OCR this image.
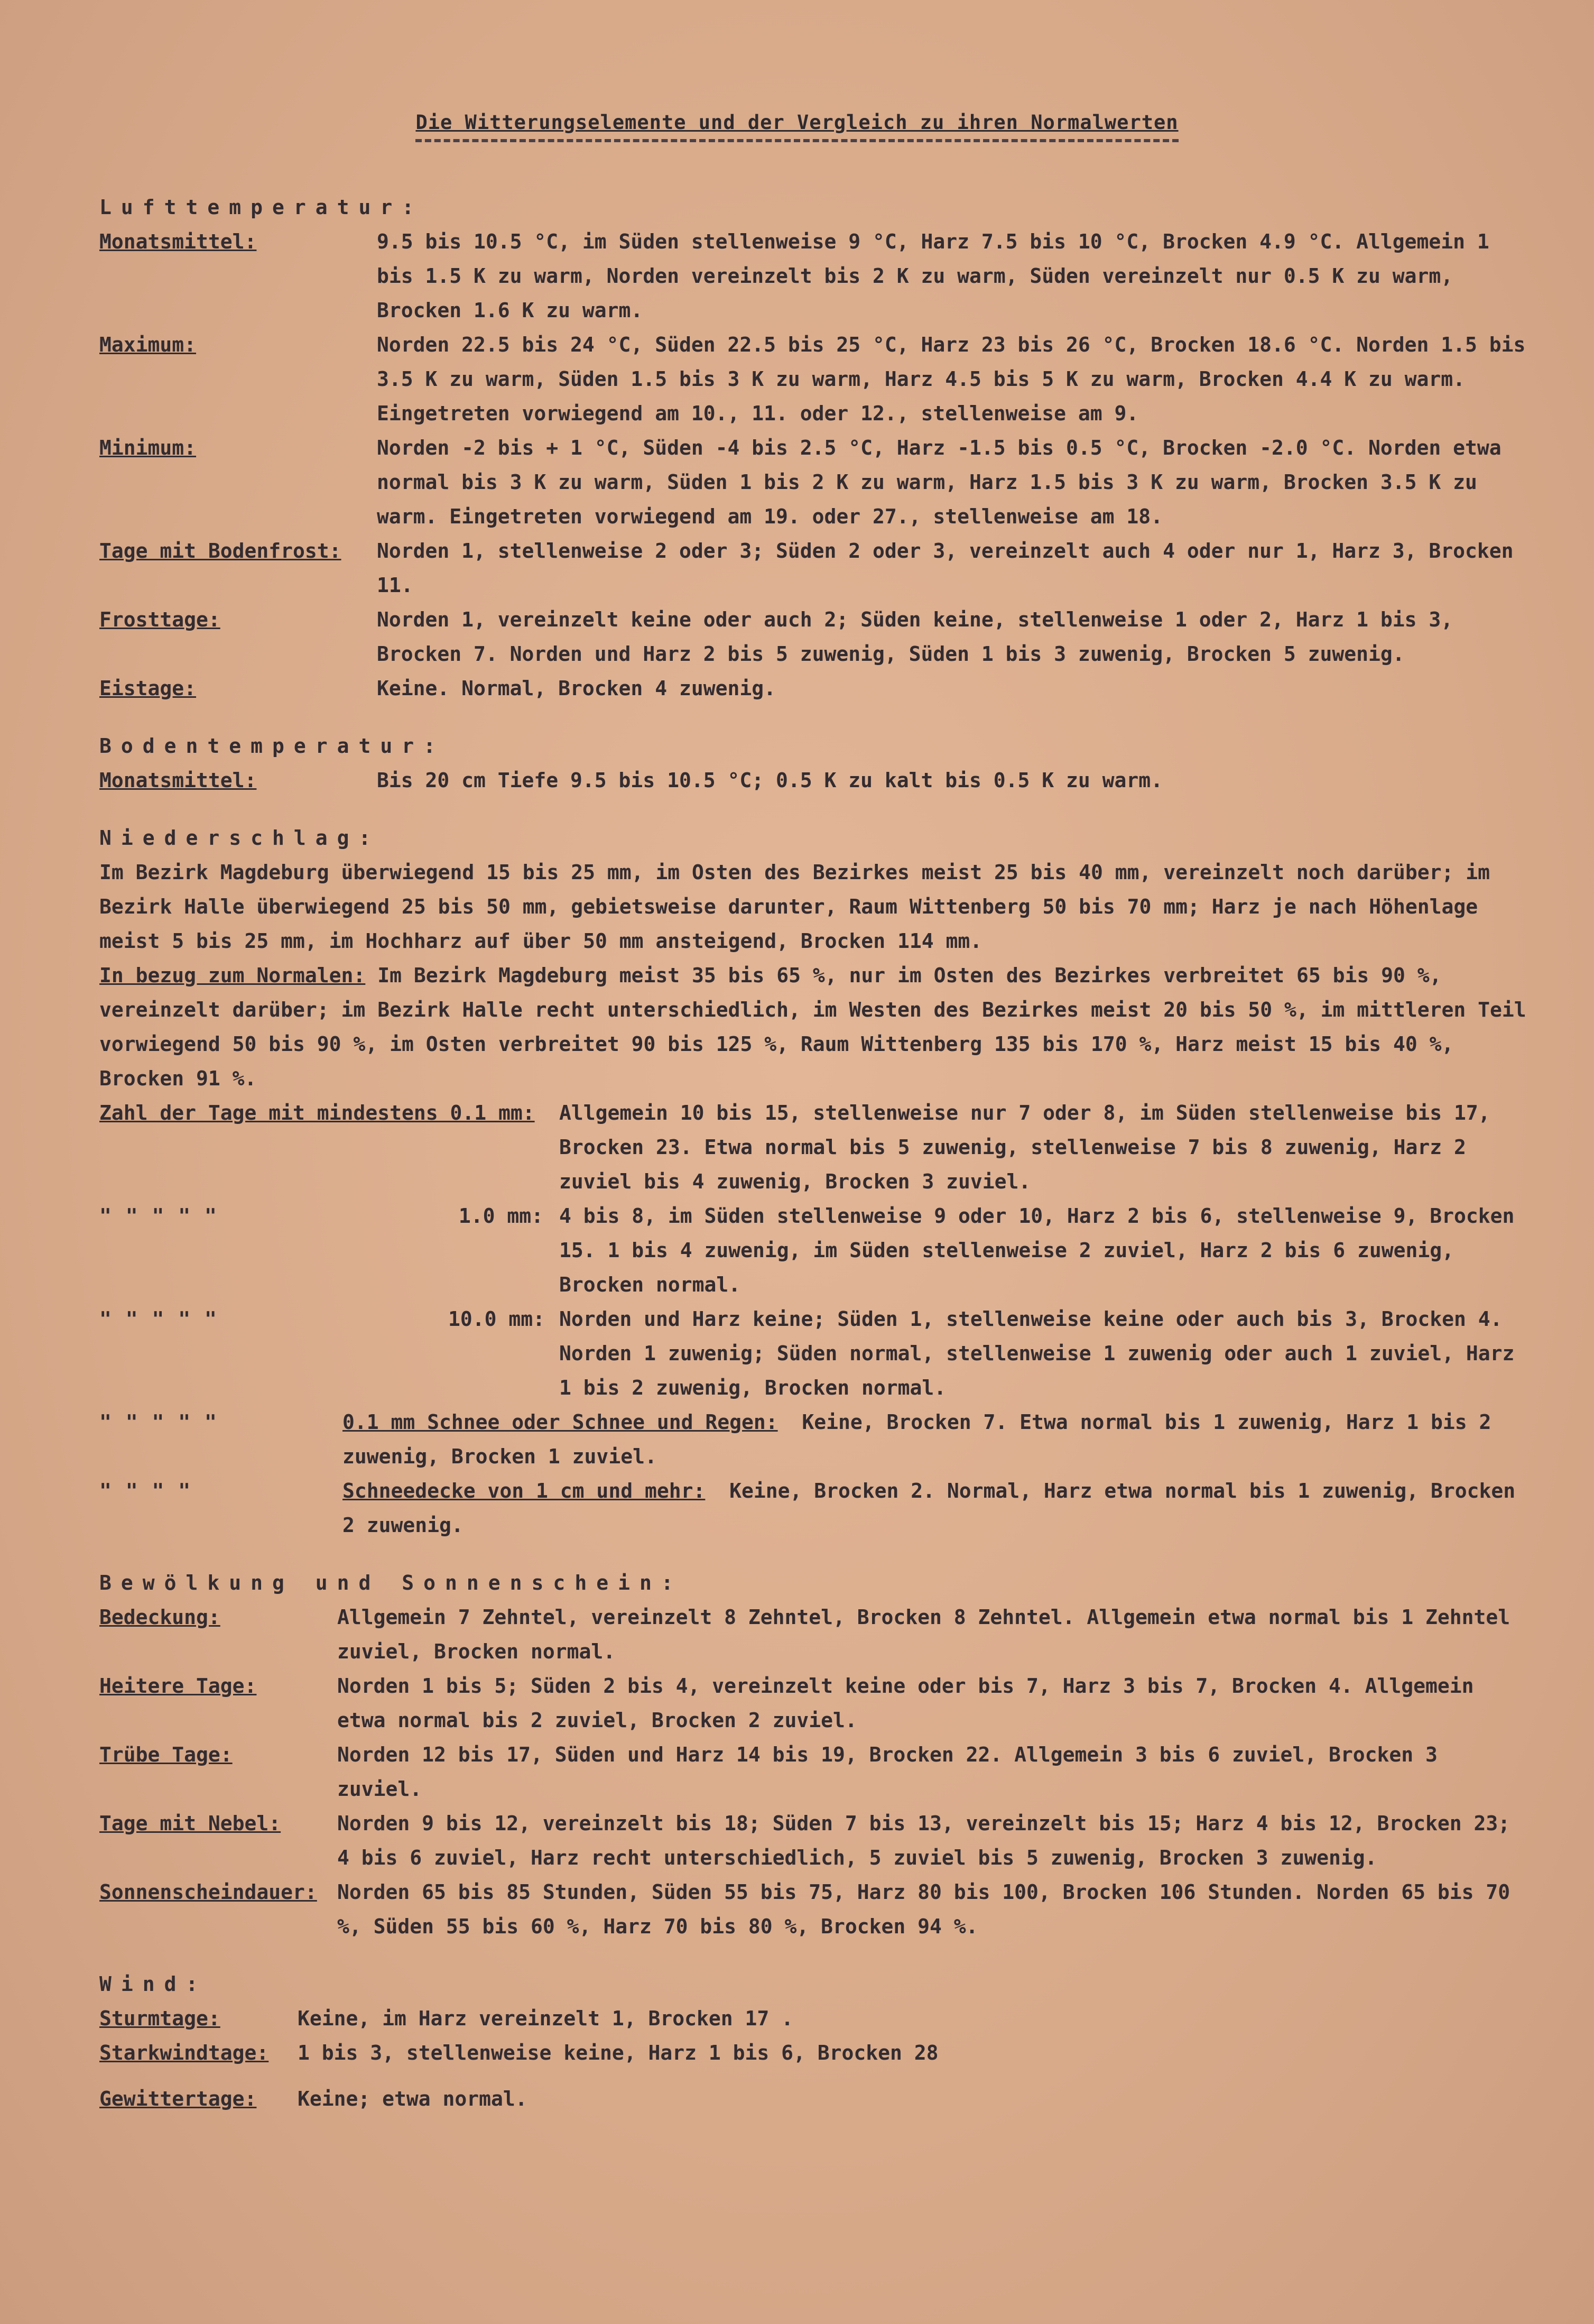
Die Witterungselemente und der Vergleich zu ihren Normalwerten
Lufttemperatur:
Monatsmittel:	9.5 bis 10.5 °C, im Süden stellenweise 9 °C, Harz 7.5 bis 10 °C, Brocken 4.9 °C. Allgemein 1 bis 1.5 K zu warm, Norden vereinzelt bis 2 K zu warm, Süden vereinzelt nur 0.5 K zu warm, Brocken 1.6 K zu warm.
Maximum:	Norden 22.5 bis 24 °C, Süden 22.5 bis 25 °C, Harz 23 bis 26 °C, Brocken 18.6 °C. Norden 1.5 bis 3.5 K zu warm, Süden 1.5 bis 3 K zu warm, Harz 4.5 bis 5 K zu warm, Brocken 4.4 K zu warm. Eingetreten vorwiegend am 10., 11. oder 12., stellenweise am 9.
Minimum:	Norden -2 bis + 1 °C, Süden -4 bis 2.5 °C, Harz -1.5 bis 0.5 °C, Brocken -2.0 °C. Norden etwa normal bis 3 K zu warm, Süden 1 bis 2 K zu warm, Harz 1.5 bis 3 K zu warm, Brocken 3.5 K zu warm. Eingetreten vorwiegend am 19. oder 27., stellenweise am 18.
Tage mit Bodenfrost:	Norden 1, stellenweise 2 oder 3; Süden 2 oder 3, vereinzelt auch 4 oder nur 1, Harz 3, Brocken 11.
Frosttage:	Norden 1, vereinzelt keine oder auch 2; Süden keine, stellenweise 1 oder 2, Harz 1 bis 3, Brocken 7. Norden und Harz 2 bis 5 zuwenig, Süden 1 bis 3 zuwenig, Brocken 5 zuwenig.
Eistage:	Keine. Normal, Brocken 4 zuwenig.
Bodentemperatur:
Monatsmittel:	Bis 20 cm Tiefe 9.5 bis 10.5 °C; 0.5 K zu kalt bis 0.5 K zu warm.
Niederschlag:

Im Bezirk Magdeburg überwiegend 15 bis 25 mm, im Osten des Bezirkes meist 25 bis 40 mm, vereinzelt noch darüber; im Bezirk Halle überwiegend 25 bis 50 mm, gebietsweise darunter, Raum Wittenberg 50 bis 70 mm; Harz je nach Höhenlage meist 5 bis 25 mm, im Hochharz auf über 50 mm ansteigend, Brocken 114 mm.

In bezug zum Normalen: Im Bezirk Magdeburg meist 35 bis 65 %, nur im Osten des Bezirkes verbreitet 65 bis 90 %, vereinzelt darüber; im Bezirk Halle recht unterschiedlich, im Westen des Bezirkes meist 20 bis 50 %, im mittleren Teil vorwiegend 50 bis 90 %, im Osten verbreitet 90 bis 125 %, Raum Wittenberg 135 bis 170 %, Harz meist 15 bis 40 %, Brocken 91 %.

Zahl der Tage mit mindestens 0.1 mm:	Allgemein 10 bis 15, stellenweise nur 7 oder 8, im Süden stellenweise bis 17, Brocken 23. Etwa normal bis 5 zuwenig, stellenweise 7 bis 8 zuwenig, Harz 2 zuviel bis 4 zuwenig, Brocken 3 zuviel.
" " " " "	1.0 mm: 4 bis 8, im Süden stellenweise 9 oder 10, Harz 2 bis 6, stellenweise 9, Brocken 15. 1 bis 4 zuwenig, im Süden stellenweise 2 zuviel, Harz 2 bis 6 zuwenig, Brocken normal.
" " " " "	10.0 mm: Norden und Harz keine; Süden 1, stellenweise keine oder auch bis 3, Brocken 4. Norden 1 zuwenig; Süden normal, stellenweise 1 zuwenig oder auch 1 zuviel, Harz 1 bis 2 zuwenig, Brocken normal.
" " " " "	0.1 mm Schnee oder Schnee und Regen: Keine, Brocken 7. Etwa normal bis 1 zuwenig, Harz 1 bis 2 zuwenig, Brocken 1 zuviel.
" " " "	Schneedecke von 1 cm und mehr: Keine, Brocken 2. Normal, Harz etwa normal bis 1 zuwenig, Brocken 2 zuwenig.
Bewölkung und Sonnenschein:
Bedeckung:	Allgemein 7 Zehntel, vereinzelt 8 Zehntel, Brocken 8 Zehntel. Allgemein etwa normal bis 1 Zehntel zuviel, Brocken normal.
Heitere Tage:	Norden 1 bis 5; Süden 2 bis 4, vereinzelt keine oder bis 7, Harz 3 bis 7, Brocken 4. Allgemein etwa normal bis 2 zuviel, Brocken 2 zuviel.
Trübe Tage:	Norden 12 bis 17, Süden und Harz 14 bis 19, Brocken 22. Allgemein 3 bis 6 zuviel, Brocken 3 zuviel.
Tage mit Nebel:	Norden 9 bis 12, vereinzelt bis 18; Süden 7 bis 13, vereinzelt bis 15; Harz 4 bis 12, Brocken 23; 4 bis 6 zuviel, Harz recht unterschiedlich, 5 zuviel bis 5 zuwenig, Brocken 3 zuwenig.
Sonnenscheindauer:	Norden 65 bis 85 Stunden, Süden 55 bis 75, Harz 80 bis 100, Brocken 106 Stunden. Norden 65 bis 70 %, Süden 55 bis 60 %, Harz 70 bis 80 %, Brocken 94 %.
Wind:
Sturmtage:	Keine, im Harz vereinzelt 1, Brocken 17 .
Starkwindtage:	1 bis 3, stellenweise keine, Harz 1 bis 6, Brocken 28
Gewittertage:	Keine; etwa normal.
